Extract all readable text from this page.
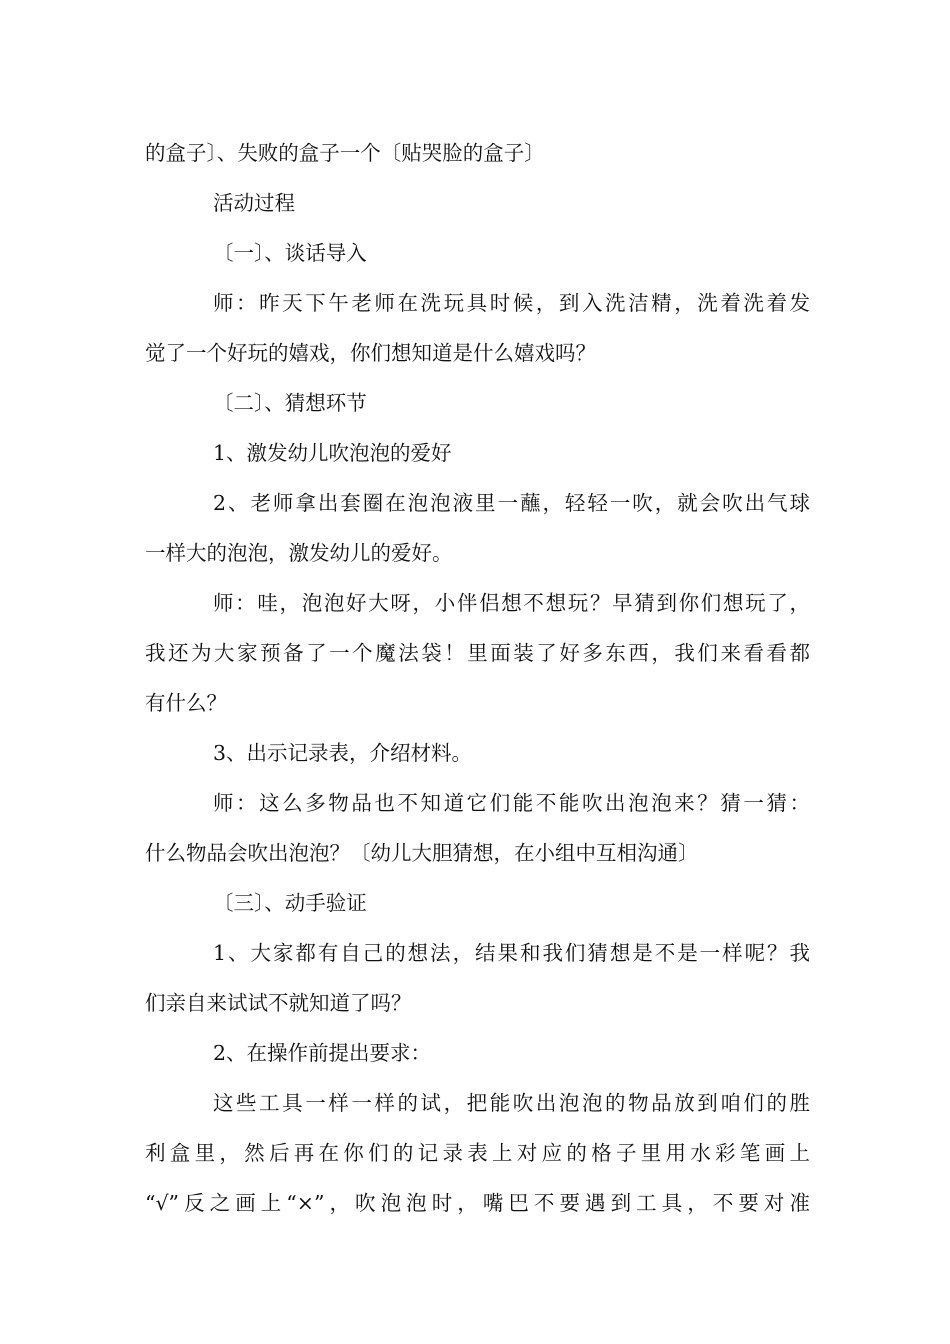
的盒子〕、失败的盒子一个〔贴哭脸的盒子〕
活动过程
〔一〕、谈话导入
师：昨天下午老师在洗玩具时候，到入洗洁精，洗着洗着发
觉了一个好玩的嬉戏，你们想知道是什么嬉戏吗？
〔二〕、猜想环节
1、激发幼儿吹泡泡的爱好
2、老师拿出套圈在泡泡液里一蘸，轻轻一吹，就会吹出气球
一样大的泡泡，激发幼儿的爱好。
师：哇，泡泡好大呀，小伴侣想不想玩？早猜到你们想玩了，
我还为大家预备了一个魔法袋！里面装了好多东西，我们来看看都
有什么？
3、出示记录表，介绍材料。
师：这么多物品也不知道它们能不能吹出泡泡来？猜一猜：
什么物品会吹出泡泡？〔幼儿大胆猜想，在小组中互相沟通〕
〔三〕、动手验证
1、大家都有自己的想法，结果和我们猜想是不是一样呢？我
们亲自来试试不就知道了吗？
2、在操作前提出要求：
这些工具一样一样的试，把能吹出泡泡的物品放到咱们的胜
利盒里，然后再在你们的记录表上对应的格子里用水彩笔画上
“√”反之画上“×”，吹泡泡时，嘴巴不要遇到工具，不要对准
